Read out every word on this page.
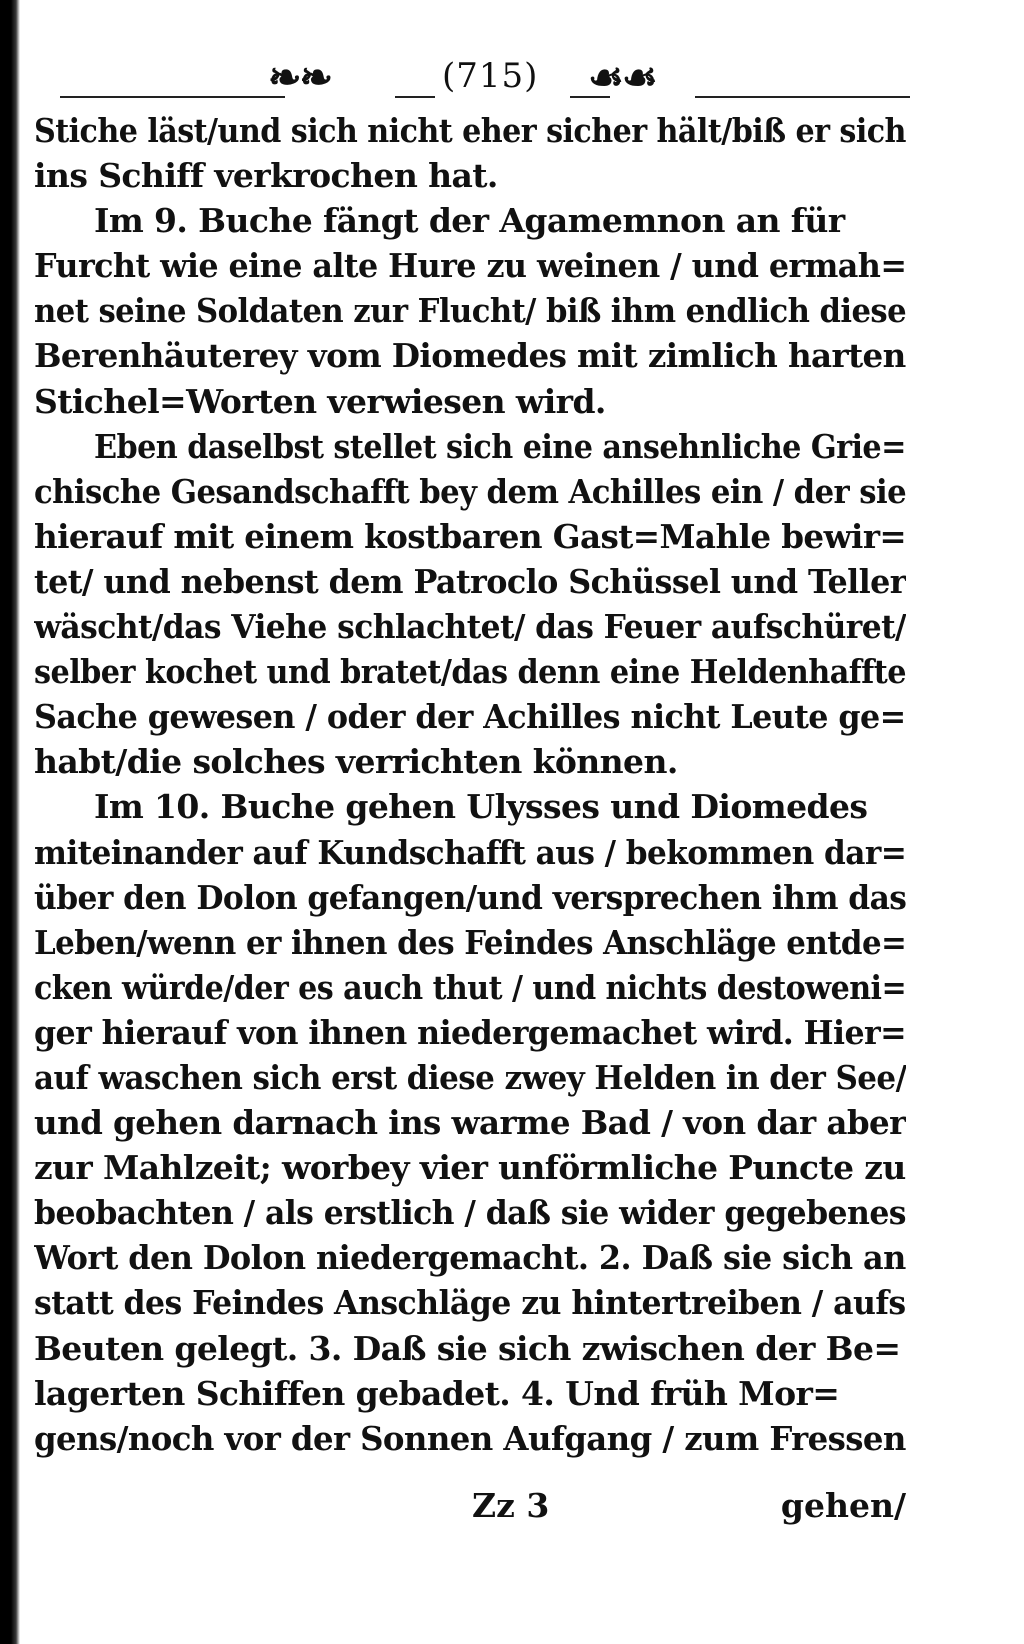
❧❧	(715) ☙☙
Stiche läst/und sich nicht eher sicher hält/biß er sich
ins Schiff verkrochen hat.
Im 9. Buche fängt der Agamemnon an für
Furcht wie eine alte Hure zu weinen / und ermah=
net seine Soldaten zur Flucht/ biß ihm endlich diese
Berenhäuterey vom Diomedes mit zimlich harten
Stichel=Worten verwiesen wird.
Eben daselbst stellet sich eine ansehnliche Grie=
chische Gesandschafft bey dem Achilles ein / der sie
hierauf mit einem kostbaren Gast=Mahle bewir=
tet/ und nebenst dem Patroclo Schüssel und Teller
wäscht/das Viehe schlachtet/ das Feuer aufschüret/
selber kochet und bratet/das denn eine Heldenhaffte
Sache gewesen / oder der Achilles nicht Leute ge=
habt/die solches verrichten können.
Im 10. Buche gehen Ulysses und Diomedes
miteinander auf Kundschafft aus / bekommen dar=
über den Dolon gefangen/und versprechen ihm das
Leben/wenn er ihnen des Feindes Anschläge entde=
cken würde/der es auch thut / und nichts destoweni=
ger hierauf von ihnen niedergemachet wird. Hier=
auf waschen sich erst diese zwey Helden in der See/
und gehen darnach ins warme Bad / von dar aber
zur Mahlzeit; worbey vier unförmliche Puncte zu
beobachten / als erstlich / daß sie wider gegebenes
Wort den Dolon niedergemacht. 2. Daß sie sich an
statt des Feindes Anschläge zu hintertreiben / aufs
Beuten gelegt. 3. Daß sie sich zwischen der Be=
lagerten Schiffen gebadet. 4. Und früh Mor=
gens/noch vor der Sonnen Aufgang / zum Fressen
Zz 3	gehen/
